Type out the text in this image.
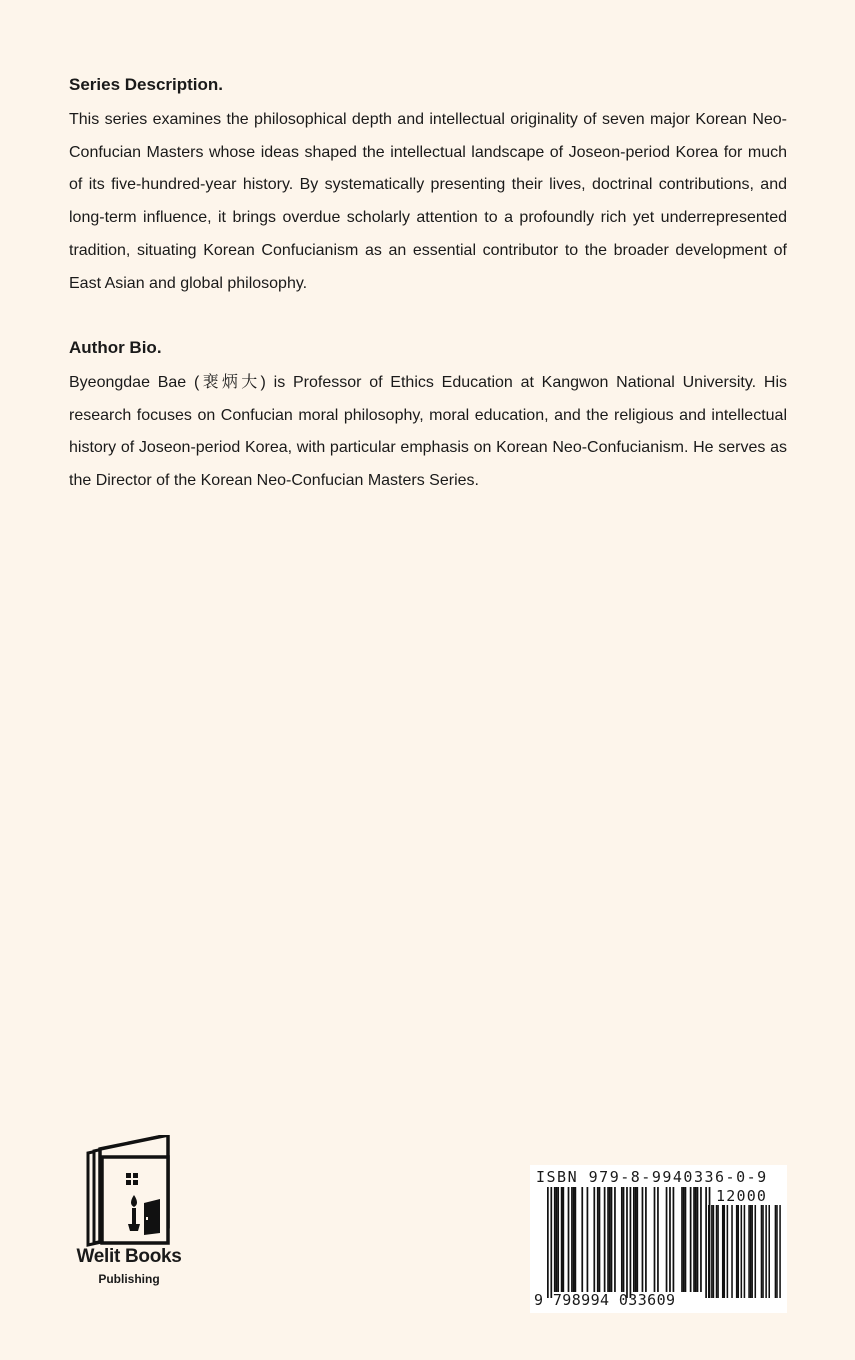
Series Description.

This series examines the philosophical depth and intellectual originality of seven major Korean Neo-Confucian Masters whose ideas shaped the intellectual landscape of Joseon-period Korea for much of its five-hundred-year history. By systematically presenting their lives, doctrinal contributions, and long-term influence, it brings overdue scholarly attention to a profoundly rich yet underrepresented tradition, situating Korean Confucianism as an essential contributor to the broader development of East Asian and global philosophy.

Author Bio.

Byeongdae Bae (裵炳大) is Professor of Ethics Education at Kangwon National University. His research focuses on Confucian moral philosophy, moral education, and the religious and intellectual history of Joseon-period Korea, with particular emphasis on Korean Neo-Confucianism. He serves as the Director of the Korean Neo-Confucian Masters Series.

Welit Books
Publishing
ISBN 979-8-9940336-0-9
12000
9 798994 033609
